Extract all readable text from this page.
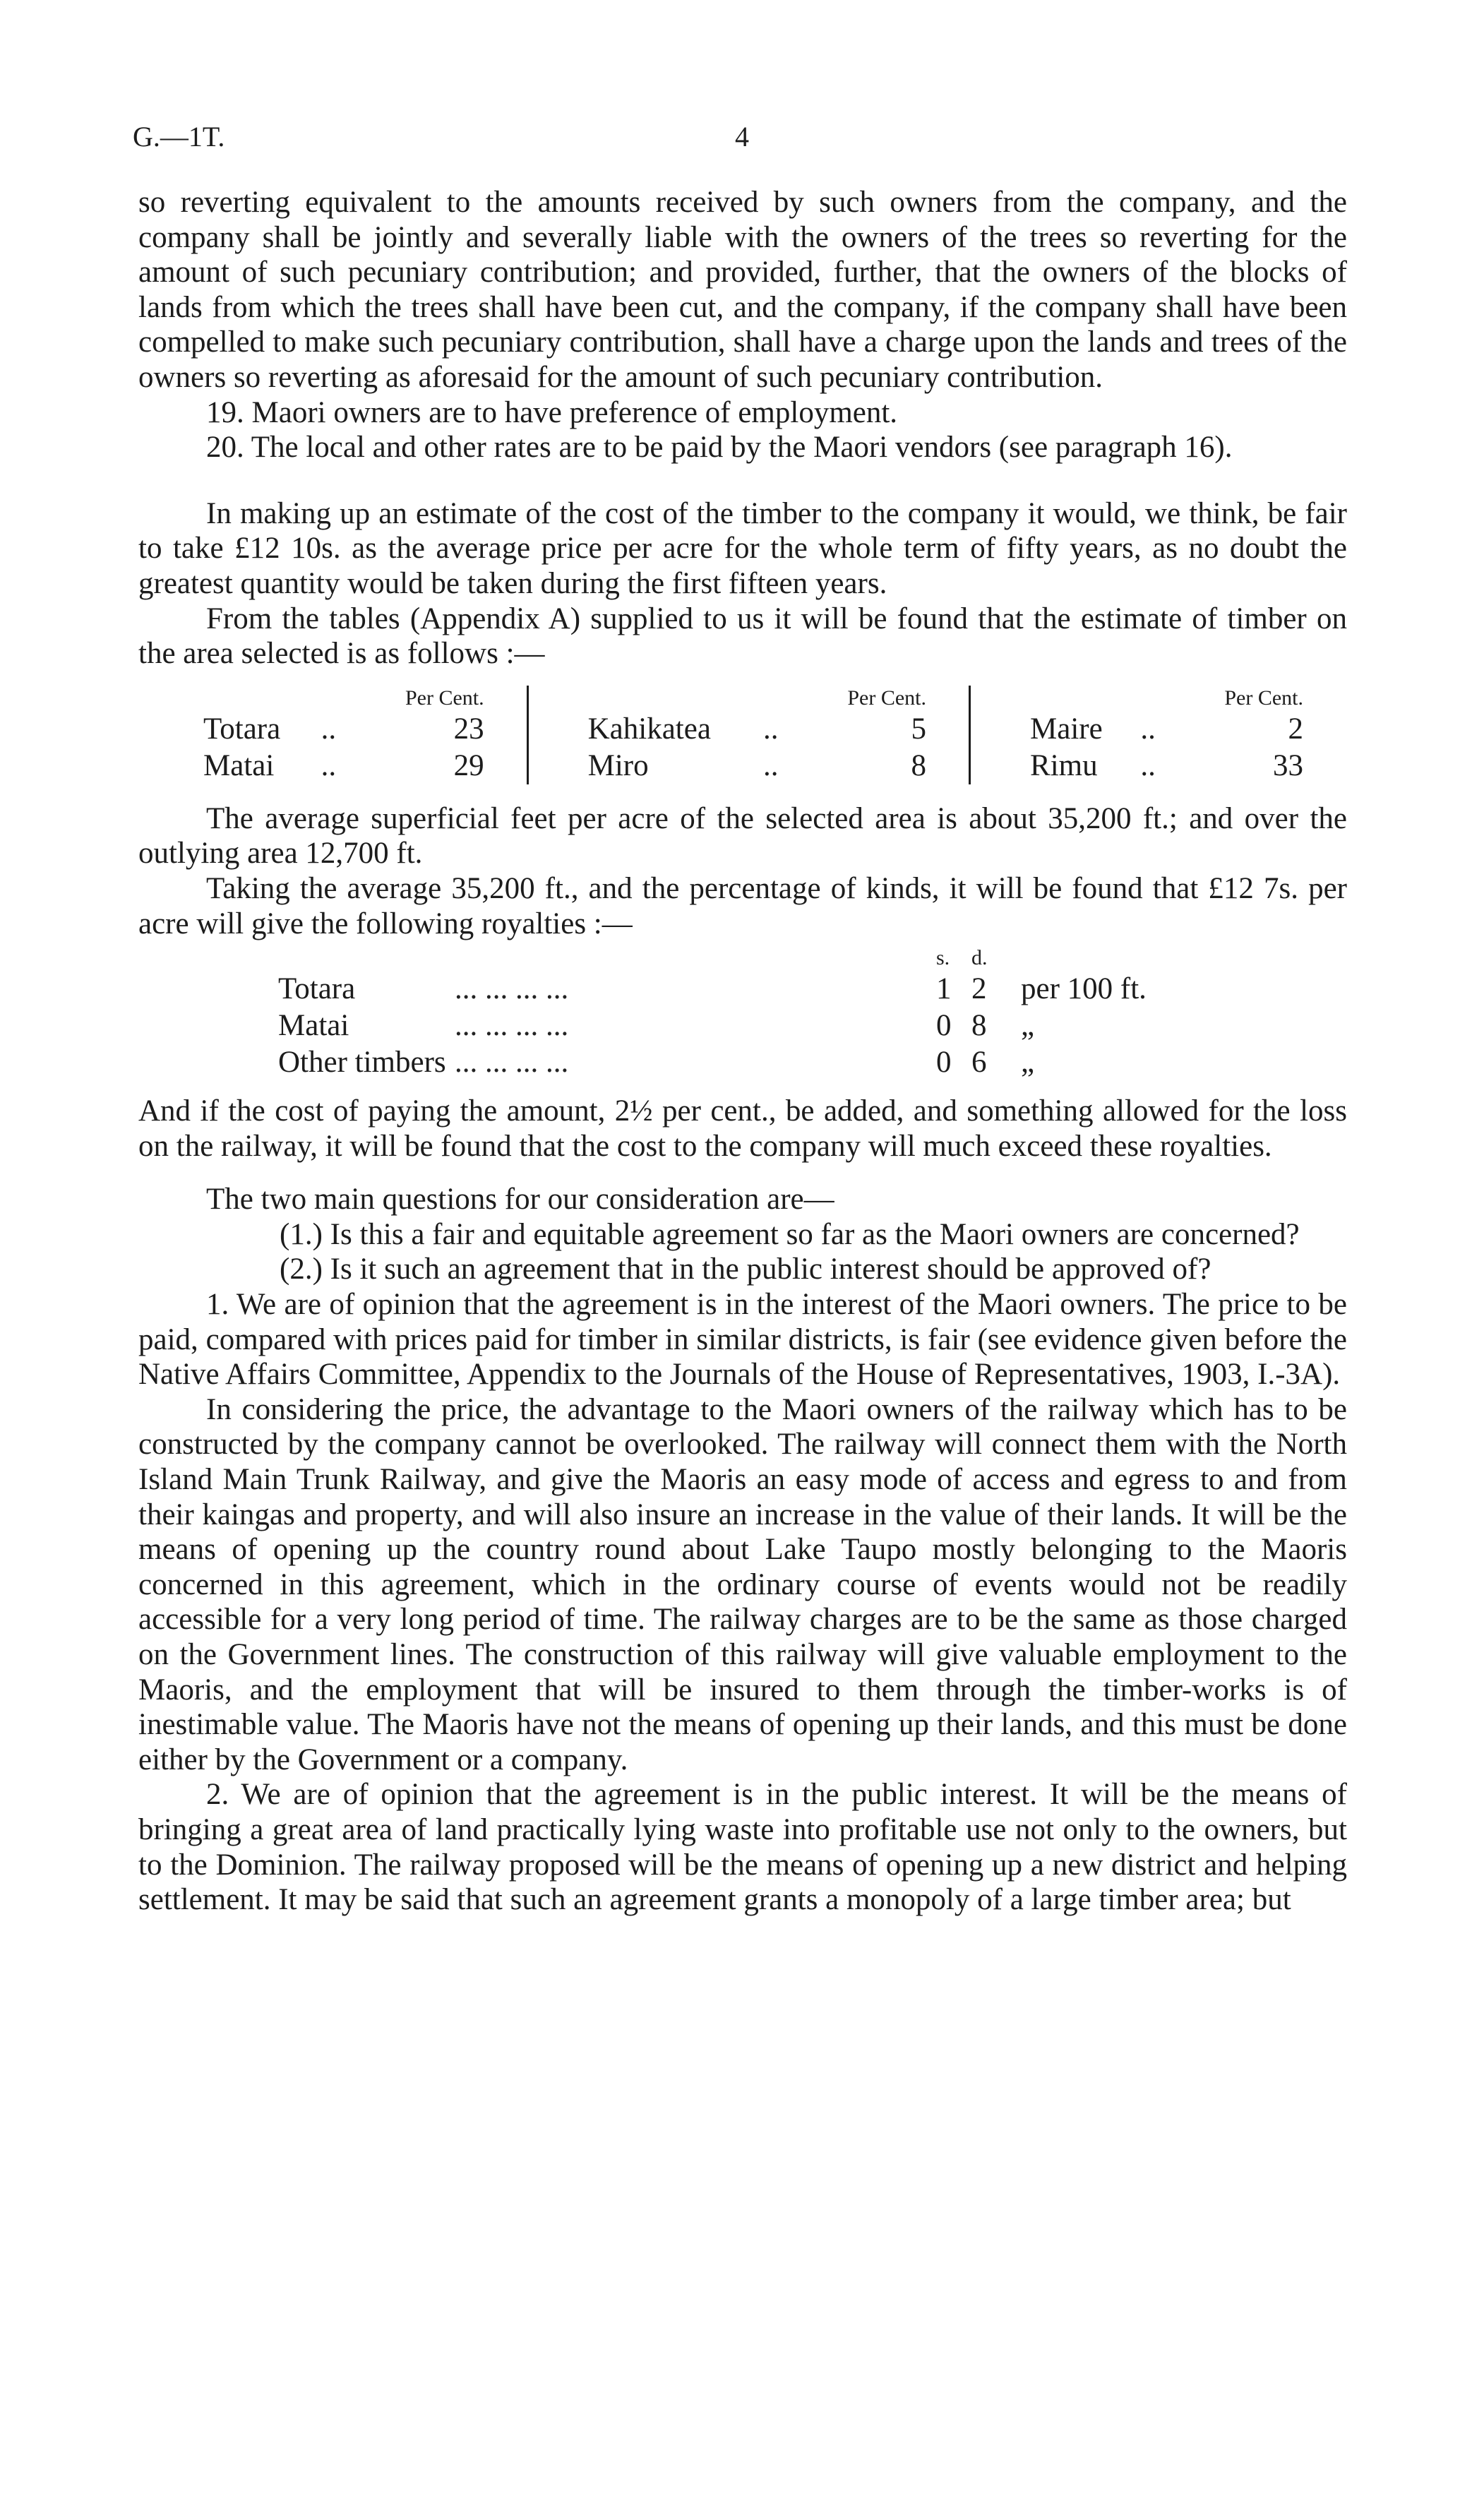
G.—1T.	4

so reverting equivalent to the amounts received by such owners from the company, and the company shall be jointly and severally liable with the owners of the trees so reverting for the amount of such pecuniary contribution; and provided, further, that the owners of the blocks of lands from which the trees shall have been cut, and the company, if the company shall have been compelled to make such pecuniary contribution, shall have a charge upon the lands and trees of the owners so reverting as aforesaid for the amount of such pecuniary contribution.

19. Maori owners are to have preference of employment.

20. The local and other rates are to be paid by the Maori vendors (see paragraph 16).

In making up an estimate of the cost of the timber to the company it would, we think, be fair to take £12 10s. as the average price per acre for the whole term of fifty years, as no doubt the greatest quantity would be taken during the first fifteen years.

From the tables (Appendix A) supplied to us it will be found that the estimate of timber on the area selected is as follows :—

		Per Cent.			Per Cent.			Per Cent.
Totara	..	23	Kahikatea	..	5	Maire	..	2
Matai	..	29	Miro	..	8	Rimu	..	33

The average superficial feet per acre of the selected area is about 35,200 ft.; and over the outlying area 12,700 ft.

Taking the average 35,200 ft., and the percentage of kinds, it will be found that £12 7s. per acre will give the following royalties :—

		s.	d.	
Totara	... ... ... ...	1	2	per 100 ft.
Matai	... ... ... ...	0	8	„
Other timbers	... ... ... ...	0	6	„

And if the cost of paying the amount, 2½ per cent., be added, and something allowed for the loss on the railway, it will be found that the cost to the company will much exceed these royalties.

The two main questions for our consideration are—

(1.) Is this a fair and equitable agreement so far as the Maori owners are concerned?

(2.) Is it such an agreement that in the public interest should be approved of?

1. We are of opinion that the agreement is in the interest of the Maori owners. The price to be paid, compared with prices paid for timber in similar districts, is fair (see evidence given before the Native Affairs Committee, Appendix to the Journals of the House of Representatives, 1903, I.-3A).

In considering the price, the advantage to the Maori owners of the railway which has to be constructed by the company cannot be overlooked. The railway will connect them with the North Island Main Trunk Railway, and give the Maoris an easy mode of access and egress to and from their kaingas and property, and will also insure an increase in the value of their lands. It will be the means of opening up the country round about Lake Taupo mostly belonging to the Maoris concerned in this agreement, which in the ordinary course of events would not be readily accessible for a very long period of time. The railway charges are to be the same as those charged on the Government lines. The construction of this railway will give valuable employment to the Maoris, and the employment that will be insured to them through the timber-works is of inestimable value. The Maoris have not the means of opening up their lands, and this must be done either by the Government or a company.

2. We are of opinion that the agreement is in the public interest. It will be the means of bringing a great area of land practically lying waste into profitable use not only to the owners, but to the Dominion. The railway proposed will be the means of opening up a new district and helping settlement. It may be said that such an agreement grants a monopoly of a large timber area; but
